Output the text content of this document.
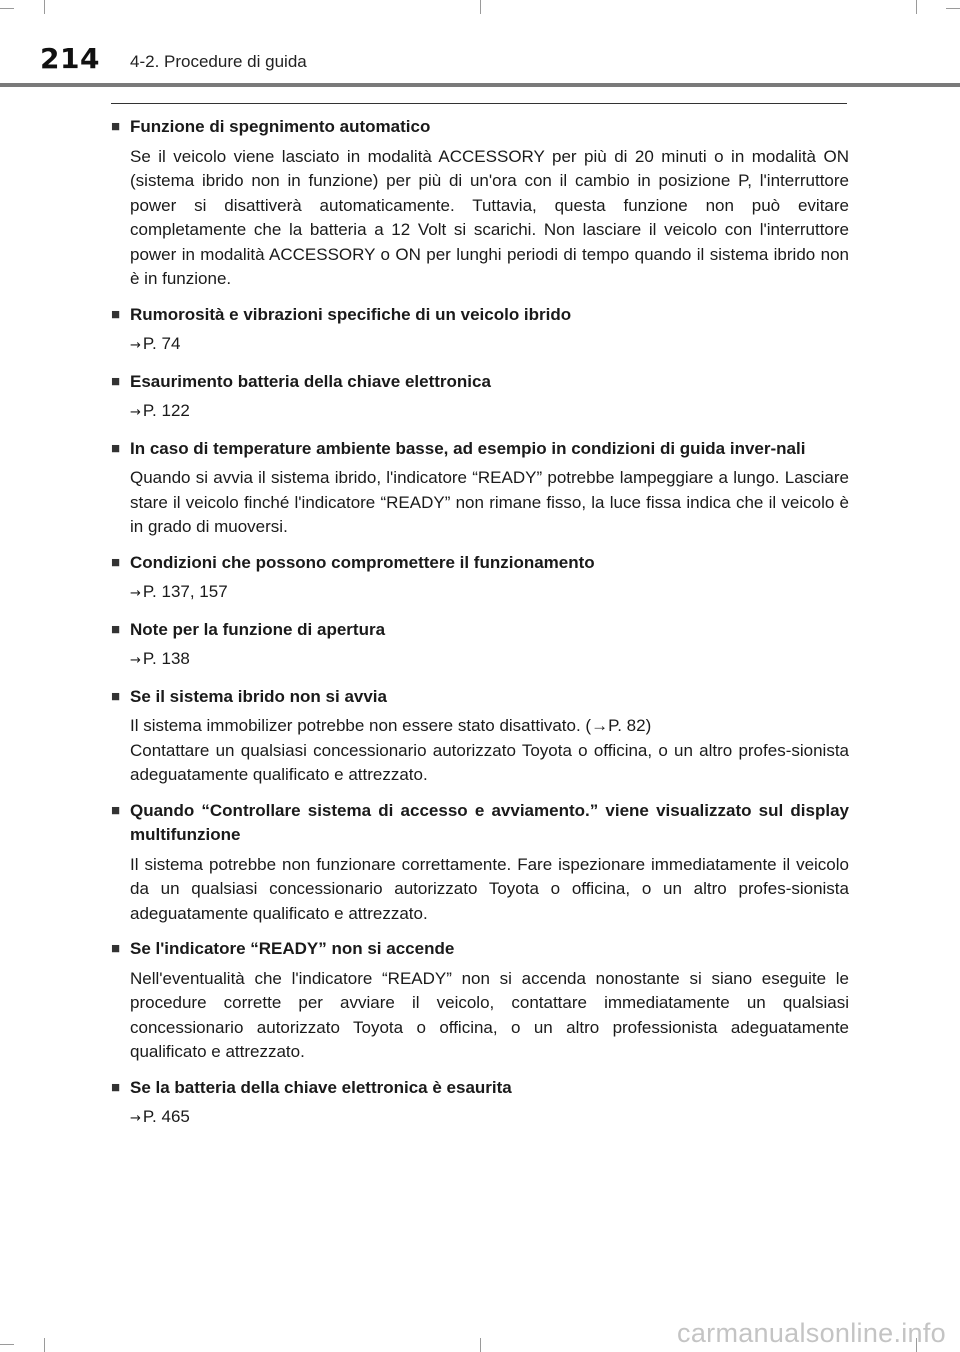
214 4-2. Procedure di guida
■ Funzione di spegnimento automatico

Se il veicolo viene lasciato in modalità ACCESSORY per più di 20 minuti o in modalità ON (sistema ibrido non in funzione) per più di un'ora con il cambio in posizione P, l'interruttore power si disattiverà automaticamente. Tuttavia, questa funzione non può evitare completamente che la batteria a 12 Volt si scarichi. Non lasciare il veicolo con l'interruttore power in modalità ACCESSORY o ON per lunghi periodi di tempo quando il sistema ibrido non è in funzione.

■ Rumorosità e vibrazioni specifiche di un veicolo ibrido
→ P. 74
■ Esaurimento batteria della chiave elettronica
→ P. 122
■ In caso di temperature ambiente basse, ad esempio in condizioni di guida inver-nali

Quando si avvia il sistema ibrido, l'indicatore “READY” potrebbe lampeggiare a lungo. Lasciare stare il veicolo finché l'indicatore “READY” non rimane fisso, la luce fissa indica che il veicolo è in grado di muoversi.

■ Condizioni che possono compromettere il funzionamento
→ P. 137, 157
■ Note per la funzione di apertura
→ P. 138
■ Se il sistema ibrido non si avvia

Il sistema immobilizer potrebbe non essere stato disattivato. (→P. 82)

Contattare un qualsiasi concessionario autorizzato Toyota o officina, o un altro profes-sionista adeguatamente qualificato e attrezzato.

■ Quando “Controllare sistema di accesso e avviamento.” viene visualizzato sul display multifunzione

Il sistema potrebbe non funzionare correttamente. Fare ispezionare immediatamente il veicolo da un qualsiasi concessionario autorizzato Toyota o officina, o un altro profes-sionista adeguatamente qualificato e attrezzato.

■ Se l'indicatore “READY” non si accende

Nell'eventualità che l'indicatore “READY” non si accenda nonostante si siano eseguite le procedure corrette per avviare il veicolo, contattare immediatamente un qualsiasi concessionario autorizzato Toyota o officina, o un altro professionista adeguatamente qualificato e attrezzato.

■ Se la batteria della chiave elettronica è esaurita
→ P. 465
carmanualsonline.info
